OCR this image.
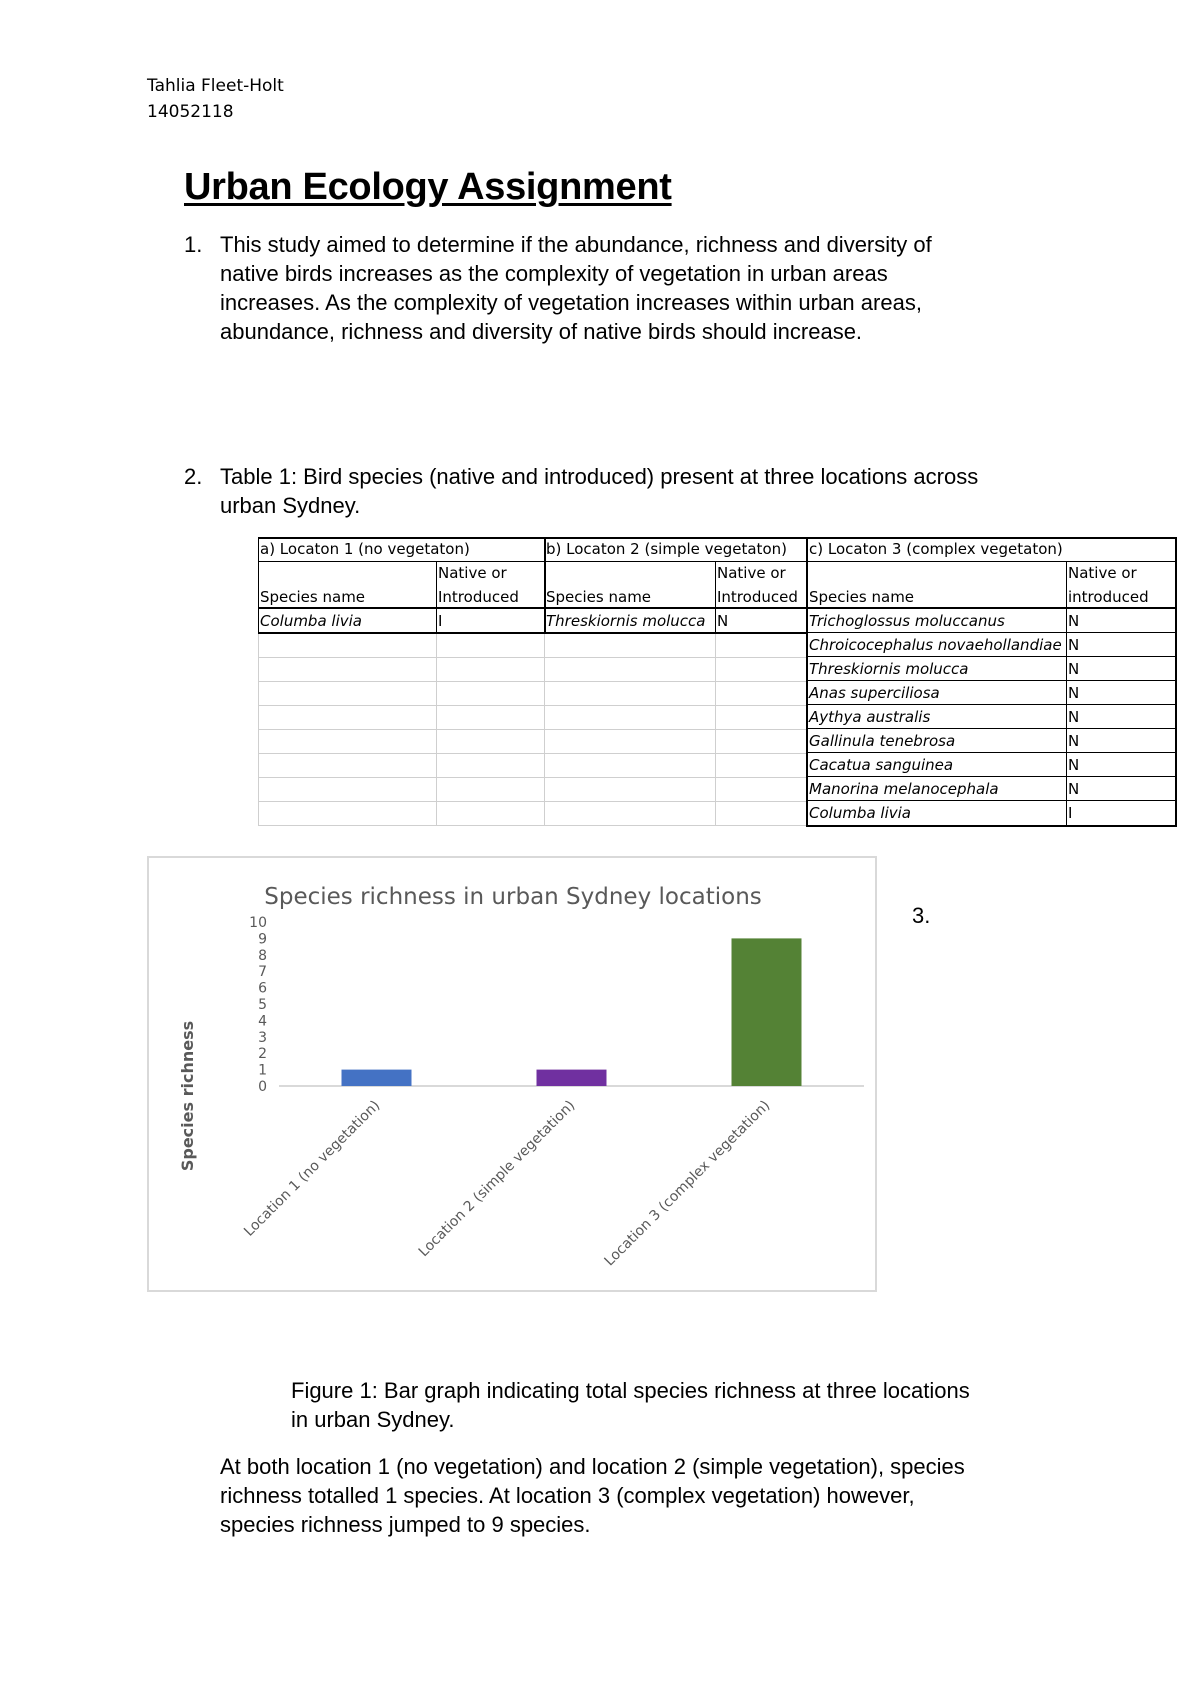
Tahlia Fleet-Holt
14052118
Urban Ecology Assignment
1. This study aimed to determine if the abundance, richness and diversity of
native birds increases as the complexity of vegetation in urban areas
increases. As the complexity of vegetation increases within urban areas,
abundance, richness and diversity of native birds should increase.
2. Table 1: Bird species (native and introduced) present at three locations across
urban Sydney.
a) Locaton 1 (no vegetaton)
Native or
Species name	Introduced
Columba livia	I
b) Locaton 2 (simple vegetaton)
Native or
Species name	Introduced
Threskiornis molucca N
c) Locaton 3 (complex vegetaton)
Native or
Species name	introduced
Trichoglossus moluccanus	N
Chroicocephalus novaehollandiae N
Threskiornis molucca	N
Anas superciliosa	N
Aythya australis	N
Gallinula tenebrosa	N
Cacatua sanguinea	N
Manorina melanocephala	N
Columba livia	I
Species richness in urban Sydney locations
Species richness	0
1
2
3
4
5
6
7
8
9
10
Location 1 (no vegetation) Location 2 (simple vegetation) Location 3 (complex vegetation)
3.
Figure 1: Bar graph indicating total species richness at three locations
in urban Sydney.
At both location 1 (no vegetation) and location 2 (simple vegetation), species
richness totalled 1 species. At location 3 (complex vegetation) however,
species richness jumped to 9 species.
